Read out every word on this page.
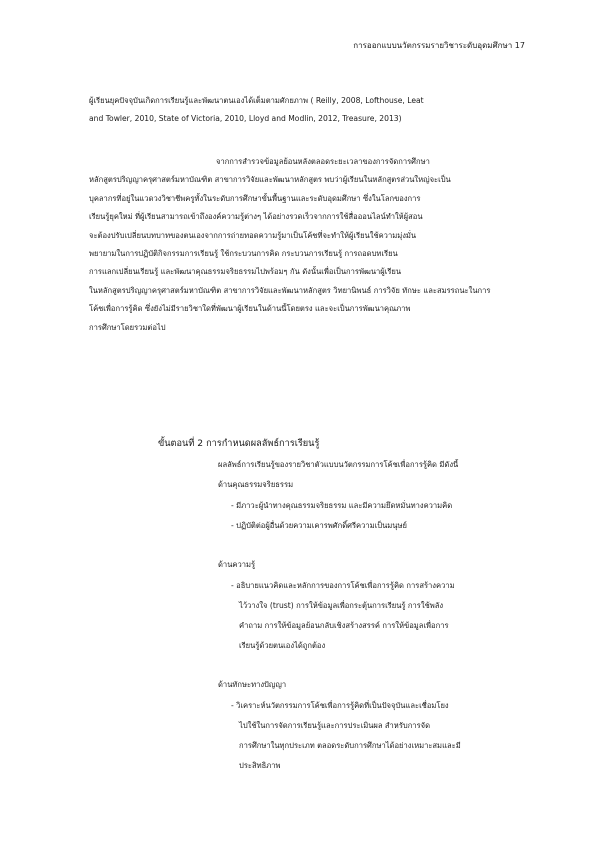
การออกแบบนวัตกรรมรายวิชาระดับอุดมศึกษา 17
ผู้เรียนยุคปัจจุบันเกิดการเรียนรู้และพัฒนาตนเองได้เต็มตามศักยภาพ ( Reilly, 2008, Lofthouse, Leat
and Towler, 2010, State of Victoria, 2010, Lloyd and Modlin, 2012, Treasure, 2013)
จากการสำรวจข้อมูลย้อนหลังตลอดระยะเวลาของการจัดการศึกษา
หลักสูตรปริญญาครุศาสตร์มหาบัณฑิต สาขาการวิจัยและพัฒนาหลักสูตร พบว่าผู้เรียนในหลักสูตรส่วนใหญ่จะเป็น
บุคลากรที่อยู่ในแวดวงวิชาชีพครูทั้งในระดับการศึกษาขั้นพื้นฐานและระดับอุดมศึกษา ซึ่งในโลกของการ
เรียนรู้ยุคใหม่ ที่ผู้เรียนสามารถเข้าถึงองค์ความรู้ต่างๆ ได้อย่างรวดเร็วจากการใช้สื่อออนไลน์ทำให้ผู้สอน
จะต้องปรับเปลี่ยนบทบาทของตนเองจากการถ่ายทอดความรู้มาเป็นโค้ชที่จะทำให้ผู้เรียนใช้ความมุ่งมั่น
พยายามในการปฏิบัติกิจกรรมการเรียนรู้ ใช้กระบวนการคิด กระบวนการเรียนรู้ การถอดบทเรียน
การแลกเปลี่ยนเรียนรู้ และพัฒนาคุณธรรมจริยธรรมไปพร้อมๆ กัน ดังนั้นเพื่อเป็นการพัฒนาผู้เรียน
ในหลักสูตรปริญญาครุศาสตร์มหาบัณฑิต สาขาการวิจัยและพัฒนาหลักสูตร วิทยานิพนธ์ การวิจัย ทักษะ และสมรรถนะในการ
โค้ชเพื่อการรู้คิด ซึ่งยังไม่มีรายวิชาใดที่พัฒนาผู้เรียนในด้านนี้โดยตรง และจะเป็นการพัฒนาคุณภาพ
การศึกษาโดยรวมต่อไป
ขั้นตอนที่ 2 การกำหนดผลลัพธ์การเรียนรู้
ผลลัพธ์การเรียนรู้ของรายวิชาตัวแบบนวัตกรรมการโค้ชเพื่อการรู้คิด มีดังนี้
ด้านคุณธรรมจริยธรรม
- มีภาวะผู้นำทางคุณธรรมจริยธรรม และมีความยึดหมั่นทางความคิด
- ปฏิบัติต่อผู้อื่นด้วยความเคารพศักดิ์ศรีความเป็นมนุษย์
ด้านความรู้
- อธิบายแนวคิดและหลักการของการโค้ชเพื่อการรู้คิด การสร้างความ
ไว้วางใจ (trust) การให้ข้อมูลเพื่อกระตุ้นการเรียนรู้ การใช้พลัง
คำถาม การให้ข้อมูลย้อนกลับเชิงสร้างสรรค์ การให้ข้อมูลเพื่อการ
เรียนรู้ด้วยตนเองได้ถูกต้อง
ด้านทักษะทางปัญญา
- วิเคราะห์นวัตกรรมการโค้ชเพื่อการรู้คิดที่เป็นปัจจุบันและเชื่อมโยง
ไปใช้ในการจัดการเรียนรู้และการประเมินผล สำหรับการจัด
การศึกษาในทุกประเภท ตลอดระดับการศึกษาได้อย่างเหมาะสมและมี
ประสิทธิภาพ
